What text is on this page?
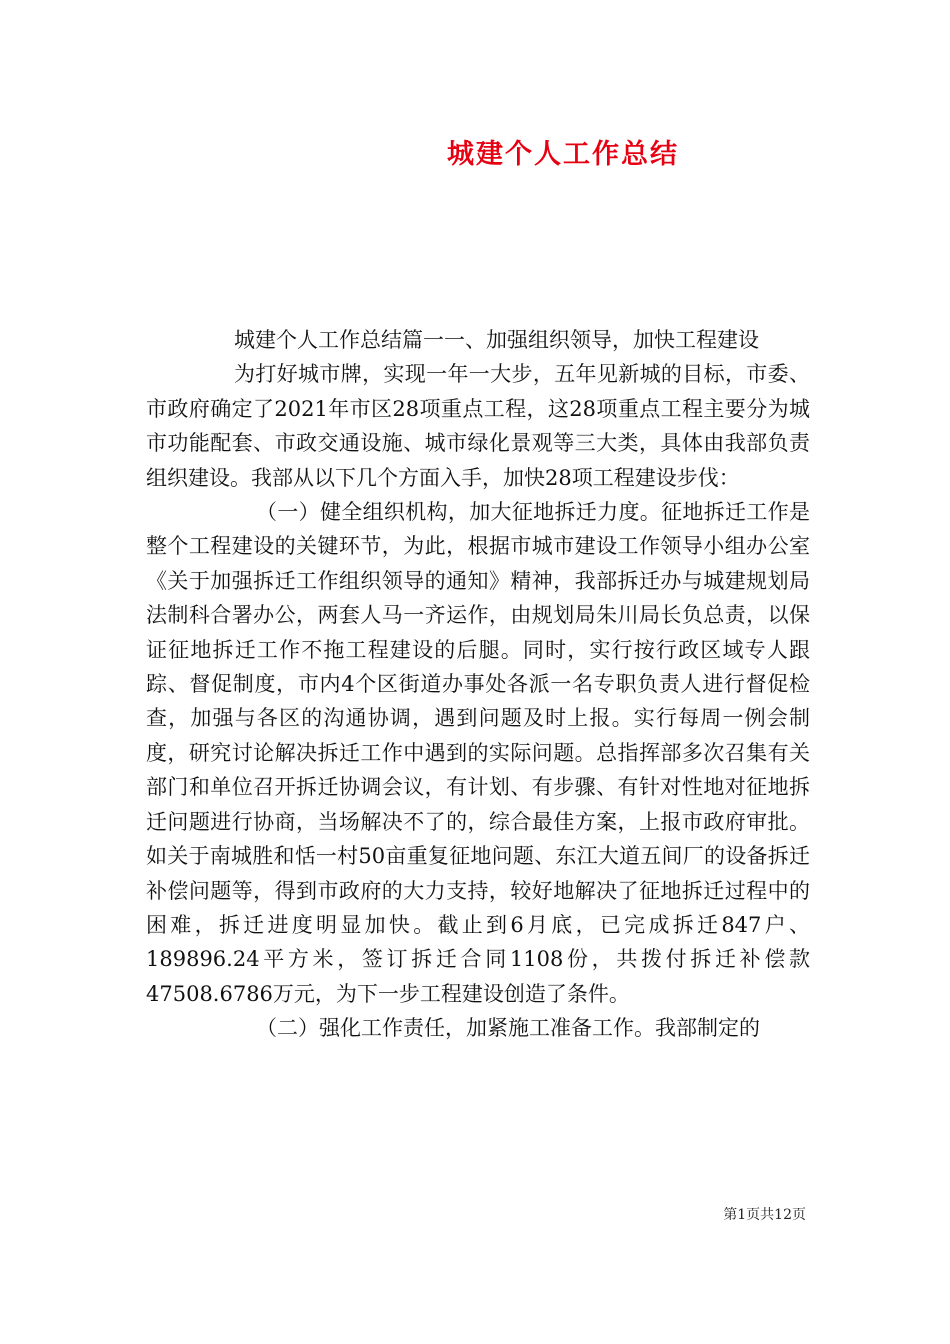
城建个人工作总结

城建个人工作总结篇一一、加强组织领导，加快工程建设

为打好城市牌，实现一年一大步，五年见新城的目标，市委、市政府确定了2021年市区28项重点工程，这28项重点工程主要分为城市功能配套、市政交通设施、城市绿化景观等三大类，具体由我部负责组织建设。我部从以下几个方面入手，加快28项工程建设步伐：

（一）健全组织机构，加大征地拆迁力度。征地拆迁工作是整个工程建设的关键环节，为此，根据市城市建设工作领导小组办公室《关于加强拆迁工作组织领导的通知》精神，我部拆迁办与城建规划局法制科合署办公，两套人马一齐运作，由规划局朱川局长负总责，以保证征地拆迁工作不拖工程建设的后腿。同时，实行按行政区域专人跟踪、督促制度，市内4个区街道办事处各派一名专职负责人进行督促检查，加强与各区的沟通协调，遇到问题及时上报。实行每周一例会制度，研究讨论解决拆迁工作中遇到的实际问题。总指挥部多次召集有关部门和单位召开拆迁协调会议，有计划、有步骤、有针对性地对征地拆迁问题进行协商，当场解决不了的，综合最佳方案，上报市政府审批。如关于南城胜和恬一村50亩重复征地问题、东江大道五间厂的设备拆迁补偿问题等，得到市政府的大力支持，较好地解决了征地拆迁过程中的困难，拆迁进度明显加快。截止到6月底，已完成拆迁847户、189896.24平方米，签订拆迁合同1108份，共拨付拆迁补偿款47508.6786万元，为下一步工程建设创造了条件。

（二）强化工作责任，加紧施工准备工作。我部制定的

第1页共12页
